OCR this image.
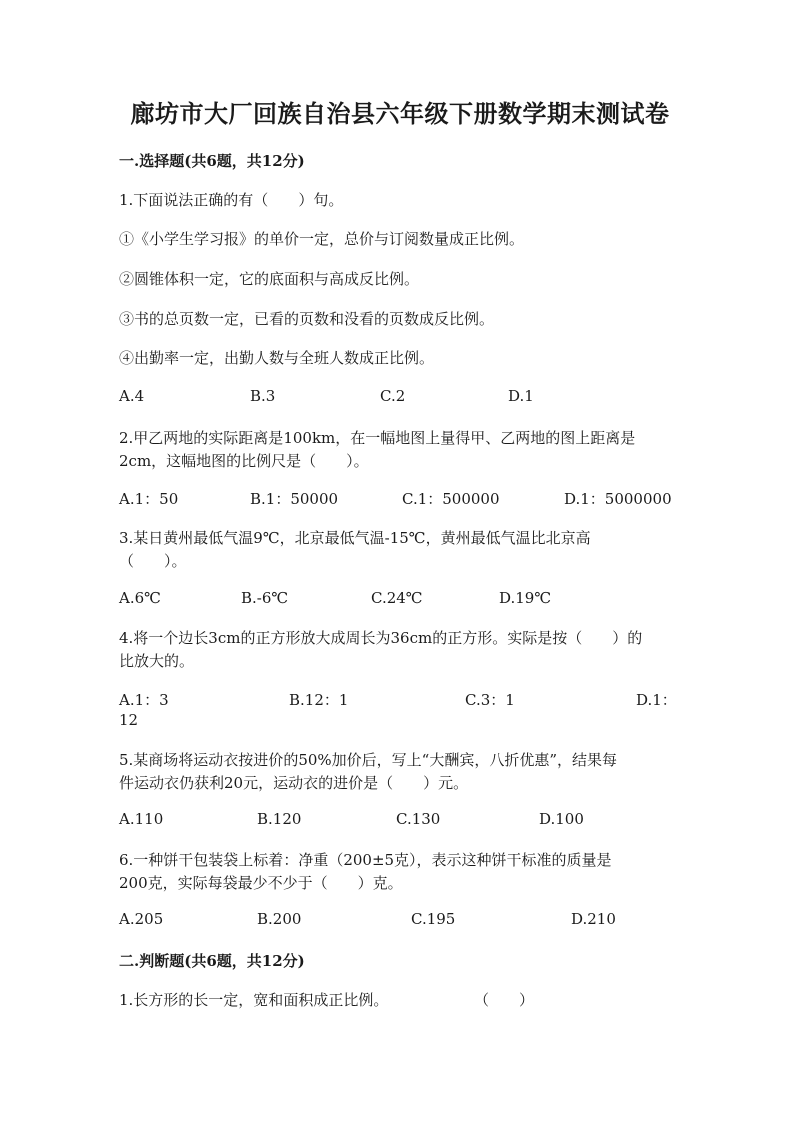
廊坊市大厂回族自治县六年级下册数学期末测试卷
一.选择题(共6题，共12分)
1.下面说法正确的有（　　）句。
①《小学生学习报》的单价一定，总价与订阅数量成正比例。
②圆锥体积一定，它的底面积与高成反比例。
③书的总页数一定，已看的页数和没看的页数成反比例。
④出勤率一定，出勤人数与全班人数成正比例。
A.4	B.3	C.2	D.1
2.甲乙两地的实际距离是100km，在一幅地图上量得甲、乙两地的图上距离是
2cm，这幅地图的比例尺是（　　）。
A.1：50	B.1：50000	C.1：500000	D.1：5000000
3.某日黄州最低气温9℃，北京最低气温-15℃，黄州最低气温比北京高
（　　）。
A.6℃	B.-6℃	C.24℃	D.19℃
4.将一个边长3cm的正方形放大成周长为36cm的正方形。实际是按（　　）的
比放大的。
A.1：3	B.12：1	C.3：1	D.1：
12
5.某商场将运动衣按进价的50%加价后，写上“大酬宾，八折优惠”，结果每
件运动衣仍获利20元，运动衣的进价是（　　）元。
A.110	B.120	C.130	D.100
6.一种饼干包装袋上标着：净重（200±5克），表示这种饼干标准的质量是
200克，实际每袋最少不少于（　　）克。
A.205	B.200	C.195	D.210
二.判断题(共6题，共12分)
1.长方形的长一定，宽和面积成正比例。	（　　）
